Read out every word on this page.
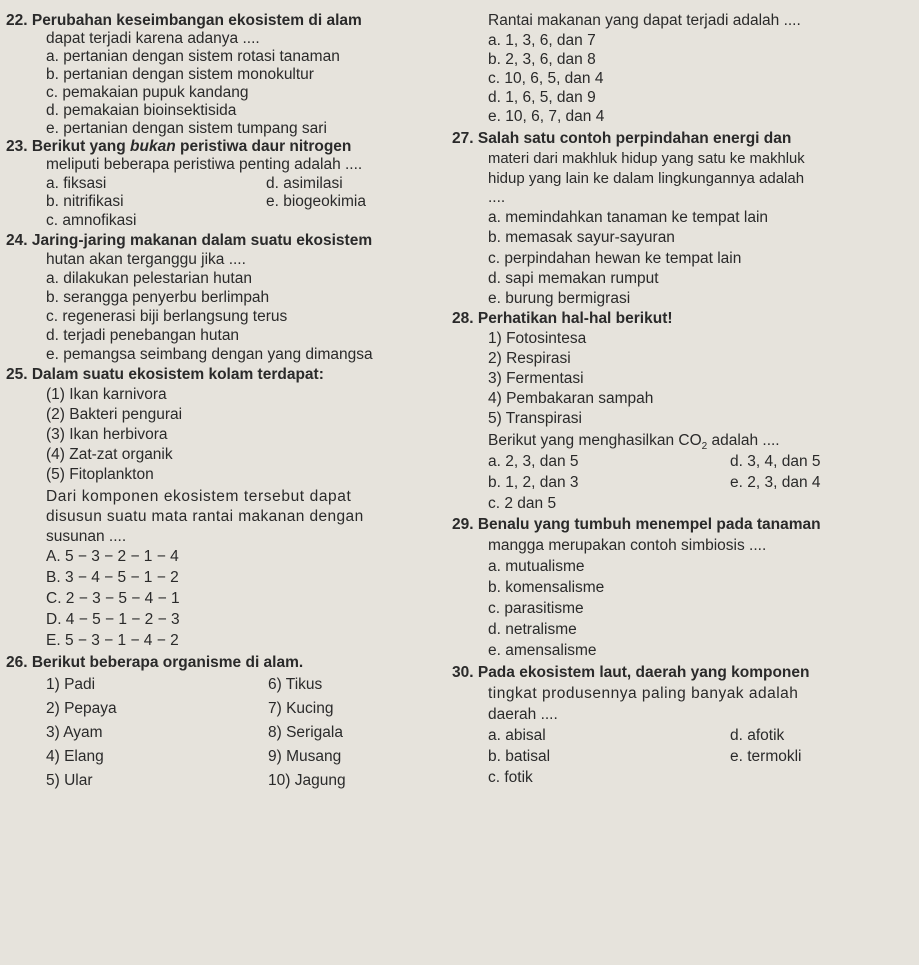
22. Perubahan keseimbangan ekosistem di alam
dapat terjadi karena adanya ....
a. pertanian dengan sistem rotasi tanaman
b. pertanian dengan sistem monokultur
c. pemakaian pupuk kandang
d. pemakaian bioinsektisida
e. pertanian dengan sistem tumpang sari
23. Berikut yang bukan peristiwa daur nitrogen
meliputi beberapa peristiwa penting adalah ....
a. fiksasi
b. nitrifikasi
c. amnofikasi
d. asimilasi
e. biogeokimia
24. Jaring-jaring makanan dalam suatu ekosistem
hutan akan terganggu jika ....
a. dilakukan pelestarian hutan
b. serangga penyerbu berlimpah
c. regenerasi biji berlangsung terus
d. terjadi penebangan hutan
e. pemangsa seimbang dengan yang dimangsa
25. Dalam suatu ekosistem kolam terdapat:
(1) Ikan karnivora
(2) Bakteri pengurai
(3) Ikan herbivora
(4) Zat-zat organik
(5) Fitoplankton
Dari komponen ekosistem tersebut dapat
disusun suatu mata rantai makanan dengan
susunan ....
A. 5 − 3 − 2 − 1 − 4
B. 3 − 4 − 5 − 1 − 2
C. 2 − 3 − 5 − 4 − 1
D. 4 − 5 − 1 − 2 − 3
E. 5 − 3 − 1 − 4 − 2
26. Berikut beberapa organisme di alam.
1) Padi
2) Pepaya
3) Ayam
4) Elang
5) Ular
6) Tikus
7) Kucing
8) Serigala
9) Musang
10) Jagung
Rantai makanan yang dapat terjadi adalah ....
a. 1, 3, 6, dan 7
b. 2, 3, 6, dan 8
c. 10, 6, 5, dan 4
d. 1, 6, 5, dan 9
e. 10, 6, 7, dan 4
27. Salah satu contoh perpindahan energi dan
materi dari makhluk hidup yang satu ke makhluk
hidup yang lain ke dalam lingkungannya adalah
....
a. memindahkan tanaman ke tempat lain
b. memasak sayur-sayuran
c. perpindahan hewan ke tempat lain
d. sapi memakan rumput
e. burung bermigrasi
28. Perhatikan hal-hal berikut!
1) Fotosintesa
2) Respirasi
3) Fermentasi
4) Pembakaran sampah
5) Transpirasi
Berikut yang menghasilkan $CO_2$ adalah ....
a. 2, 3, dan 5
b. 1, 2, dan 3
c. 2 dan 5
d. 3, 4, dan 5
e. 2, 3, dan 4
29. Benalu yang tumbuh menempel pada tanaman
mangga merupakan contoh simbiosis ....
a. mutualisme
b. komensalisme
c. parasitisme
d. netralisme
e. amensalisme
30. Pada ekosistem laut, daerah yang komponen
tingkat produsennya paling banyak adalah
daerah ....
a. abisal
b. batisal
c. fotik
d. afotik
e. termokli
